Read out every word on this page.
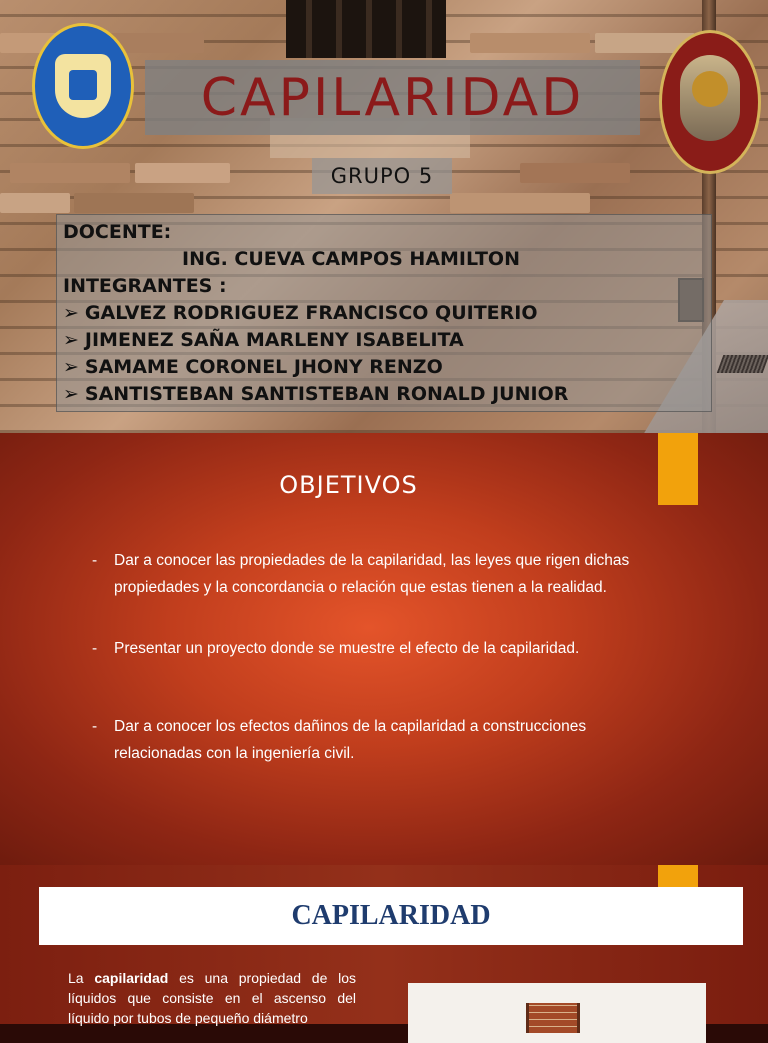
CAPILARIDAD
GRUPO 5
DOCENTE:
ING. CUEVA CAMPOS HAMILTON
INTEGRANTES :
➢ GALVEZ RODRIGUEZ FRANCISCO QUITERIO
➢ JIMENEZ SAÑA MARLENY ISABELITA
➢ SAMAME CORONEL JHONY RENZO
➢ SANTISTEBAN SANTISTEBAN RONALD JUNIOR
OBJETIVOS
- Dar a conocer las propiedades de la capilaridad, las leyes que rigen dichas propiedades y la concordancia o relación que estas tienen a la realidad.
- Presentar un proyecto donde se muestre el efecto de la capilaridad.
- Dar a conocer los efectos dañinos de la capilaridad a construcciones relacionadas con la ingeniería civil.
CAPILARIDAD
La capilaridad es una propiedad de los líquidos que consiste en el ascenso del líquido por tubos de pequeño diámetro
